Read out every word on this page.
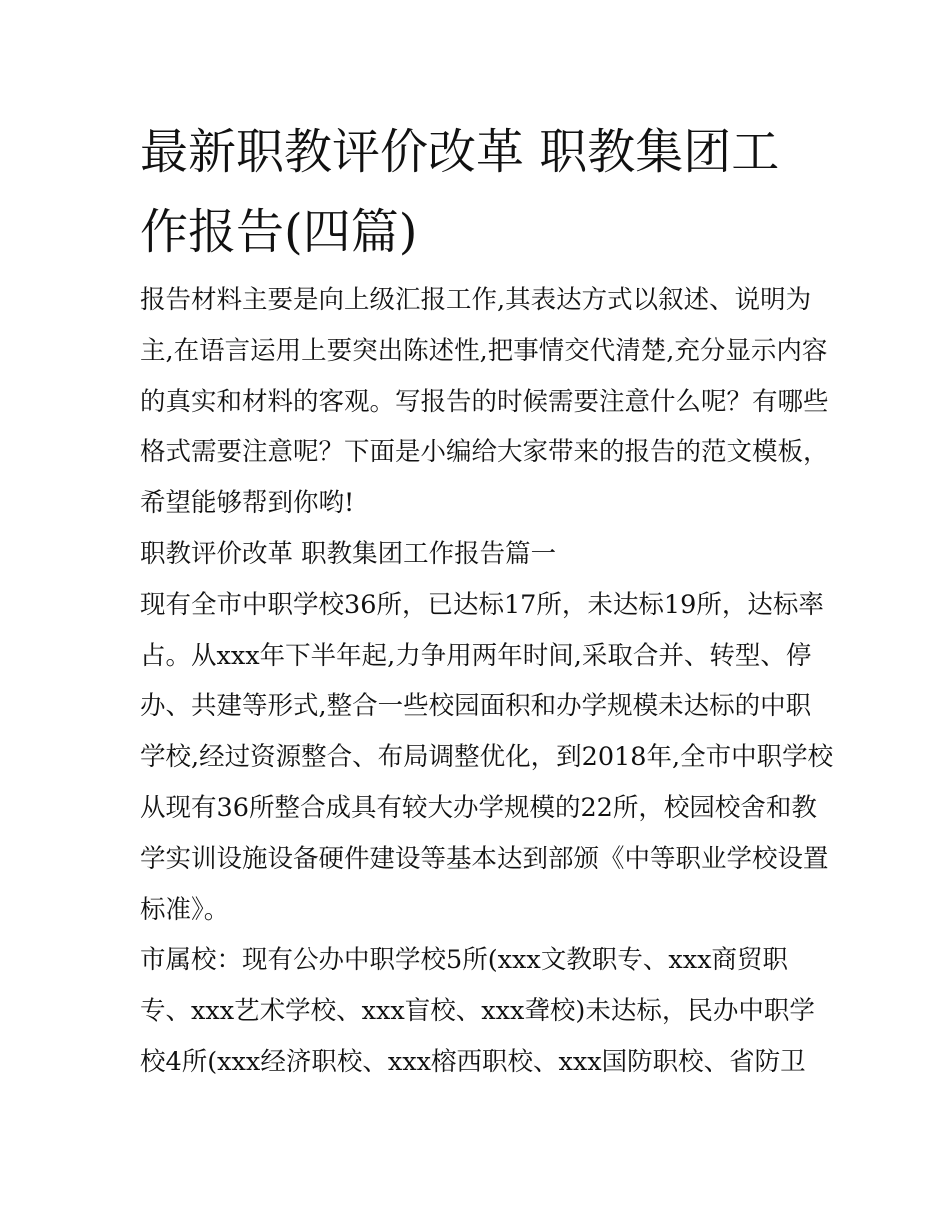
最新职教评价改革 职教集团工
作报告(四篇)
报告材料主要是向上级汇报工作,其表达方式以叙述、说明为
主,在语言运用上要突出陈述性,把事情交代清楚,充分显示内容
的真实和材料的客观。写报告的时候需要注意什么呢？有哪些
格式需要注意呢？下面是小编给大家带来的报告的范文模板，
希望能够帮到你哟!
职教评价改革 职教集团工作报告篇一
现有全市中职学校36所，已达标17所，未达标19所，达标率
占。从xxx年下半年起,力争用两年时间,采取合并、转型、停
办、共建等形式,整合一些校园面积和办学规模未达标的中职
学校,经过资源整合、布局调整优化，到2018年,全市中职学校
从现有36所整合成具有较大办学规模的22所，校园校舍和教
学实训设施设备硬件建设等基本达到部颁《中等职业学校设置
标准》。
市属校：现有公办中职学校5所(xxx文教职专、xxx商贸职
专、xxx艺术学校、xxx盲校、xxx聋校)未达标，民办中职学
校4所(xxx经济职校、xxx榕西职校、xxx国防职校、省防卫
